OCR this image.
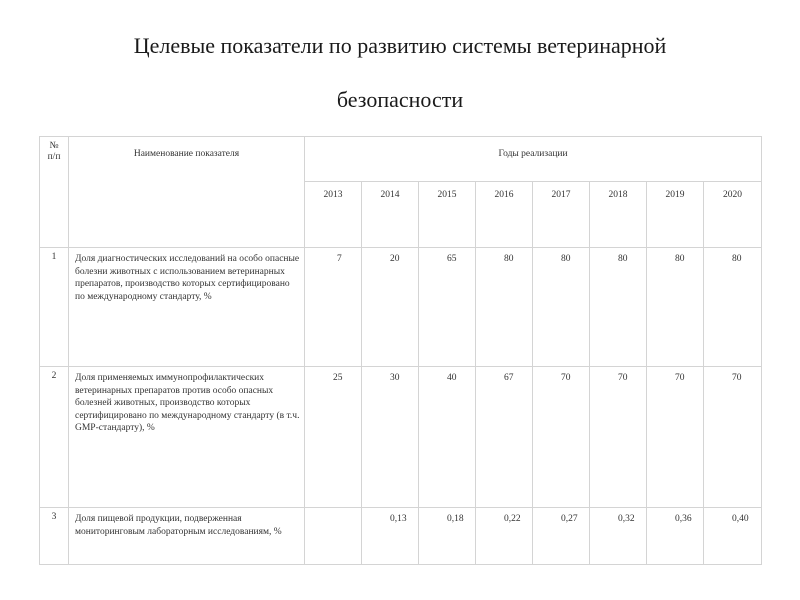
Целевые показатели по развитию системы ветеринарной
безопасности
№
п/п	Наименование показателя	Годы реализации							
		2013	2014	2015	2016	2017	2018	2019	2020
1	Доля диагностических исследований на особо опасные болезни животных с использованием ветеринарных препаратов, производство которых сертифицировано по международному стандарту, %	7	20	65	80	80	80	80	80
2	Доля применяемых иммунопрофилактических ветеринарных препаратов против особо опасных болезней животных, производство которых сертифицировано по международному стандарту (в т.ч. GMP-стандарту), %	25	30	40	67	70	70	70	70
3	Доля пищевой продукции, подверженная мониторинговым лабораторным исследованиям, %		0,13	0,18	0,22	0,27	0,32	0,36	0,40
